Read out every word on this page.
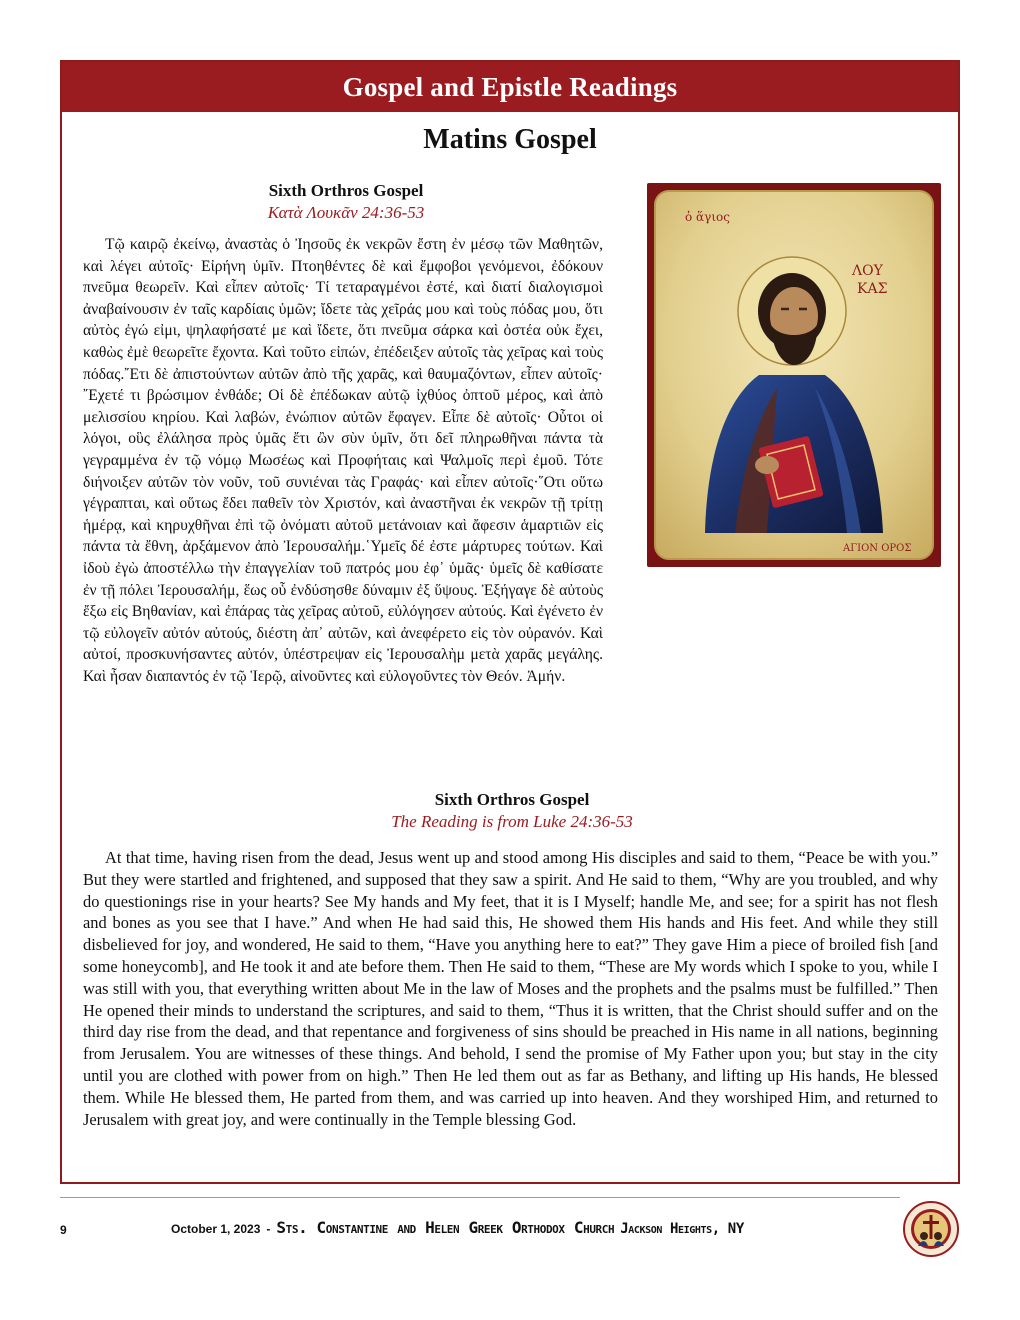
Gospel and Epistle Readings
Matins Gospel
Sixth Orthros Gospel
Κατὰ Λουκᾶν 24:36-53

Τῷ καιρῷ ἐκείνῳ, ἀναστὰς ὁ Ἰησοῦς ἐκ νεκρῶν ἔστη ἐν μέσῳ τῶν Μαθητῶν, καὶ λέγει αὐτοῖς· Εἰρήνη ὑμῖν. Πτοηθέντες δὲ καὶ ἔμφοβοι γενόμενοι, ἐδόκουν πνεῦμα θεωρεῖν. Καὶ εἶπεν αὐτοῖς· Τί τεταραγμένοι ἐστέ, καὶ διατί διαλογισμοὶ ἀναβαίνουσιν ἐν ταῖς καρδίαις ὑμῶν; ἴδετε τὰς χεῖράς μου καὶ τοὺς πόδας μου, ὅτι αὐτὸς ἐγώ εἰμι, ψηλαφήσατέ με καὶ ἴδετε, ὅτι πνεῦμα σάρκα καὶ ὀστέα οὐκ ἔχει, καθὼς ἐμὲ θεωρεῖτε ἔχοντα. Καὶ τοῦτο εἰπών, ἐπέδειξεν αὐτοῖς τὰς χεῖρας καὶ τοὺς πόδας.῎Ετι δὲ ἀπιστούντων αὐτῶν ἀπὸ τῆς χαρᾶς, καὶ θαυμαζόντων, εἶπεν αὐτοῖς· ῎Εχετέ τι βρώσιμον ἐνθάδε; Οἱ δὲ ἐπέδωκαν αὐτῷ ἰχθύος ὀπτοῦ μέρος, καὶ ἀπὸ μελισσίου κηρίου. Καὶ λαβών, ἐνώπιον αὐτῶν ἔφαγεν. Εἶπε δὲ αὐτοῖς· Οὗτοι οἱ λόγοι, οὓς ἐλάλησα πρὸς ὑμᾶς ἔτι ὢν σὺν ὑμῖν, ὅτι δεῖ πληρωθῆναι πάντα τὰ γεγραμμένα ἐν τῷ νόμῳ Μωσέως καὶ Προφήταις καὶ Ψαλμοῖς περὶ ἐμοῦ. Τότε διήνοιξεν αὐτῶν τὸν νοῦν, τοῦ συνιέναι τὰς Γραφάς· καὶ εἶπεν αὐτοῖς·῞Οτι οὕτω γέγραπται, καὶ οὕτως ἔδει παθεῖν τὸν Χριστόν, καὶ ἀναστῆναι ἐκ νεκρῶν τῇ τρίτῃ ἡμέρᾳ, καὶ κηρυχθῆναι ἐπὶ τῷ ὀνόματι αὐτοῦ μετάνοιαν καὶ ἄφεσιν ἁμαρτιῶν εἰς πάντα τὰ ἔθνη, ἀρξάμενον ἀπὸ Ἰερουσαλήμ.῾Υμεῖς δέ ἐστε μάρτυρες τούτων. Καὶ ἰδοὺ ἐγὼ ἀποστέλλω τὴν ἐπαγγελίαν τοῦ πατρός μου ἐφ᾿ ὑμᾶς· ὑμεῖς δὲ καθίσατε ἐν τῇ πόλει Ἰερουσαλήμ, ἕως οὗ ἐνδύσησθε δύναμιν ἐξ ὕψους. Ἐξήγαγε δὲ αὐτοὺς ἔξω εἰς Βηθανίαν, καὶ ἐπάρας τὰς χεῖρας αὐτοῦ, εὐλόγησεν αὐτούς. Καὶ ἐγένετο ἐν τῷ εὐλογεῖν αὐτόν αὐτούς, διέστη ἀπ᾿ αὐτῶν, καὶ ἀνεφέρετο εἰς τὸν οὐρανόν. Καὶ αὐτοί, προσκυνήσαντες αὐτόν, ὑπέστρεψαν εἰς Ἰερουσαλὴμ μετὰ χαρᾶς μεγάλης. Καὶ ἦσαν διαπαντός ἐν τῷ Ἱερῷ, αἰνοῦντες καὶ εὐλογοῦντες τὸν Θεόν. Ἀμήν.

ὁ ἅγιος
ΛΟΥ
ΚΑΣ
ΑΓΙΟΝ ΟΡΟΣ
Sixth Orthros Gospel
The Reading is from Luke 24:36-53

At that time, having risen from the dead, Jesus went up and stood among His disciples and said to them, “Peace be with you.” But they were startled and frightened, and supposed that they saw a spirit. And He said to them, “Why are you troubled, and why do questionings rise in your hearts? See My hands and My feet, that it is I Myself; handle Me, and see; for a spirit has not flesh and bones as you see that I have.” And when He had said this, He showed them His hands and His feet. And while they still disbelieved for joy, and wondered, He said to them, “Have you anything here to eat?” They gave Him a piece of broiled fish [and some honeycomb], and He took it and ate before them. Then He said to them, “These are My words which I spoke to you, while I was still with you, that everything written about Me in the law of Moses and the prophets and the psalms must be fulfilled.” Then He opened their minds to understand the scriptures, and said to them, “Thus it is written, that the Christ should suffer and on the third day rise from the dead, and that repentance and forgiveness of sins should be preached in His name in all nations, beginning from Jerusalem. You are witnesses of these things. And behold, I send the promise of My Father upon you; but stay in the city until you are clothed with power from on high.” Then He led them out as far as Bethany, and lifting up His hands, He blessed them. While He blessed them, He parted from them, and was carried up into heaven. And they worshiped Him, and returned to Jerusalem with great joy, and were continually in the Temple blessing God.

9	October 1, 2023 - Sts. Constantine and Helen Greek Orthodox Church Jackson Heights, NY
